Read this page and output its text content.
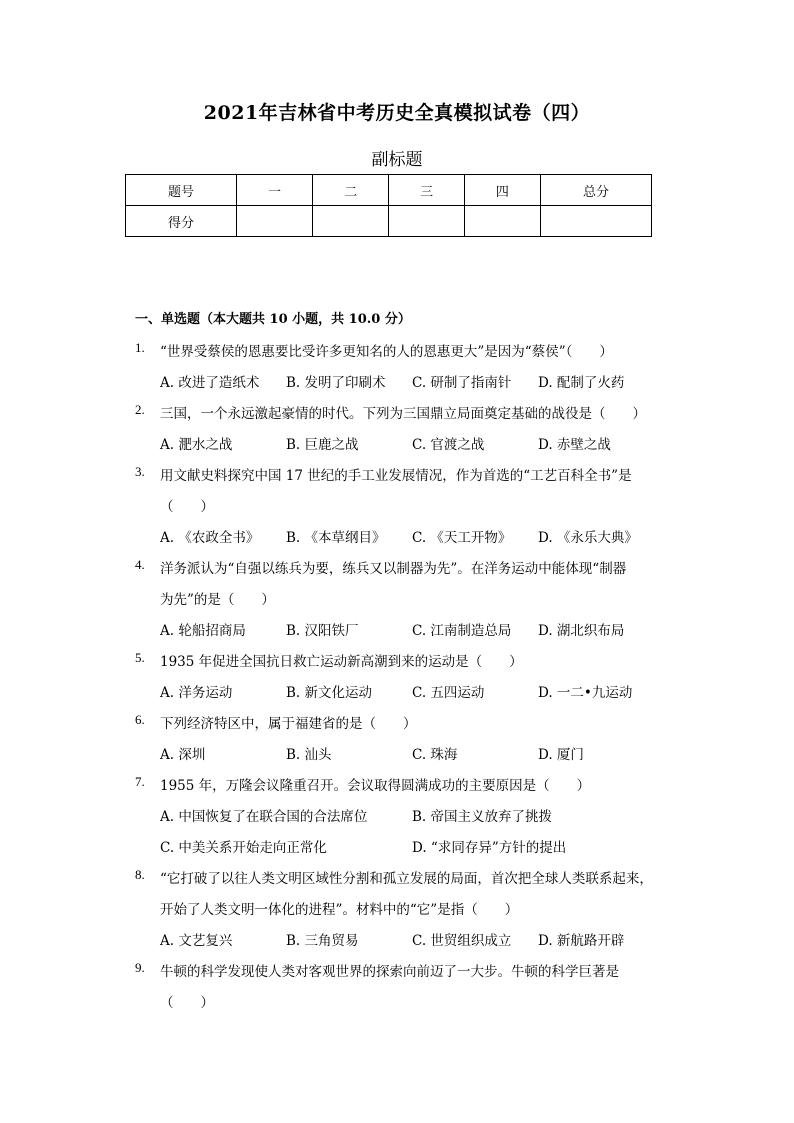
2021年吉林省中考历史全真模拟试卷（四）
副标题
题号	一	二	三	四	总分
得分					
一、单选题（本大题共 10 小题，共 10.0 分）
1.	“世界受蔡侯的恩惠要比受许多更知名的人的恩惠更大”是因为“蔡侯”（　　）
A. 改进了造纸术 B. 发明了印刷术 C. 研制了指南针 D. 配制了火药
2.	三国，一个永远激起豪情的时代。下列为三国鼎立局面奠定基础的战役是（　　）
A. 淝水之战	B. 巨鹿之战	C. 官渡之战	D. 赤壁之战
3.	用文献史料探究中国 17 世纪的手工业发展情况，作为首选的“工艺百科全书”是
（　　）
A. 《农政全书》 B. 《本草纲目》 C. 《天工开物》 D. 《永乐大典》
4.	洋务派认为“自强以练兵为要，练兵又以制器为先”。在洋务运动中能体现“制器
为先”的是（　　）
A. 轮船招商局	B. 汉阳铁厂	C. 江南制造总局 D. 湖北织布局
5.	1935 年促进全国抗日救亡运动新高潮到来的运动是（　　）
A. 洋务运动	B. 新文化运动	C. 五四运动	D. 一二•九运动
6.	下列经济特区中，属于福建省的是（　　）
A. 深圳	B. 汕头	C. 珠海	D. 厦门
7.	1955 年，万隆会议隆重召开。会议取得圆满成功的主要原因是（　　）
A. 中国恢复了在联合国的合法席位	B. 帝国主义放弃了挑拨
C. 中美关系开始走向正常化	D. “求同存异”方针的提出
8.	“它打破了以往人类文明区域性分割和孤立发展的局面，首次把全球人类联系起来，
开始了人类文明一体化的进程”。材料中的“它”是指（　　）
A. 文艺复兴	B. 三角贸易	C. 世贸组织成立 D. 新航路开辟
9.	牛顿的科学发现使人类对客观世界的探索向前迈了一大步。牛顿的科学巨著是
（　　）
